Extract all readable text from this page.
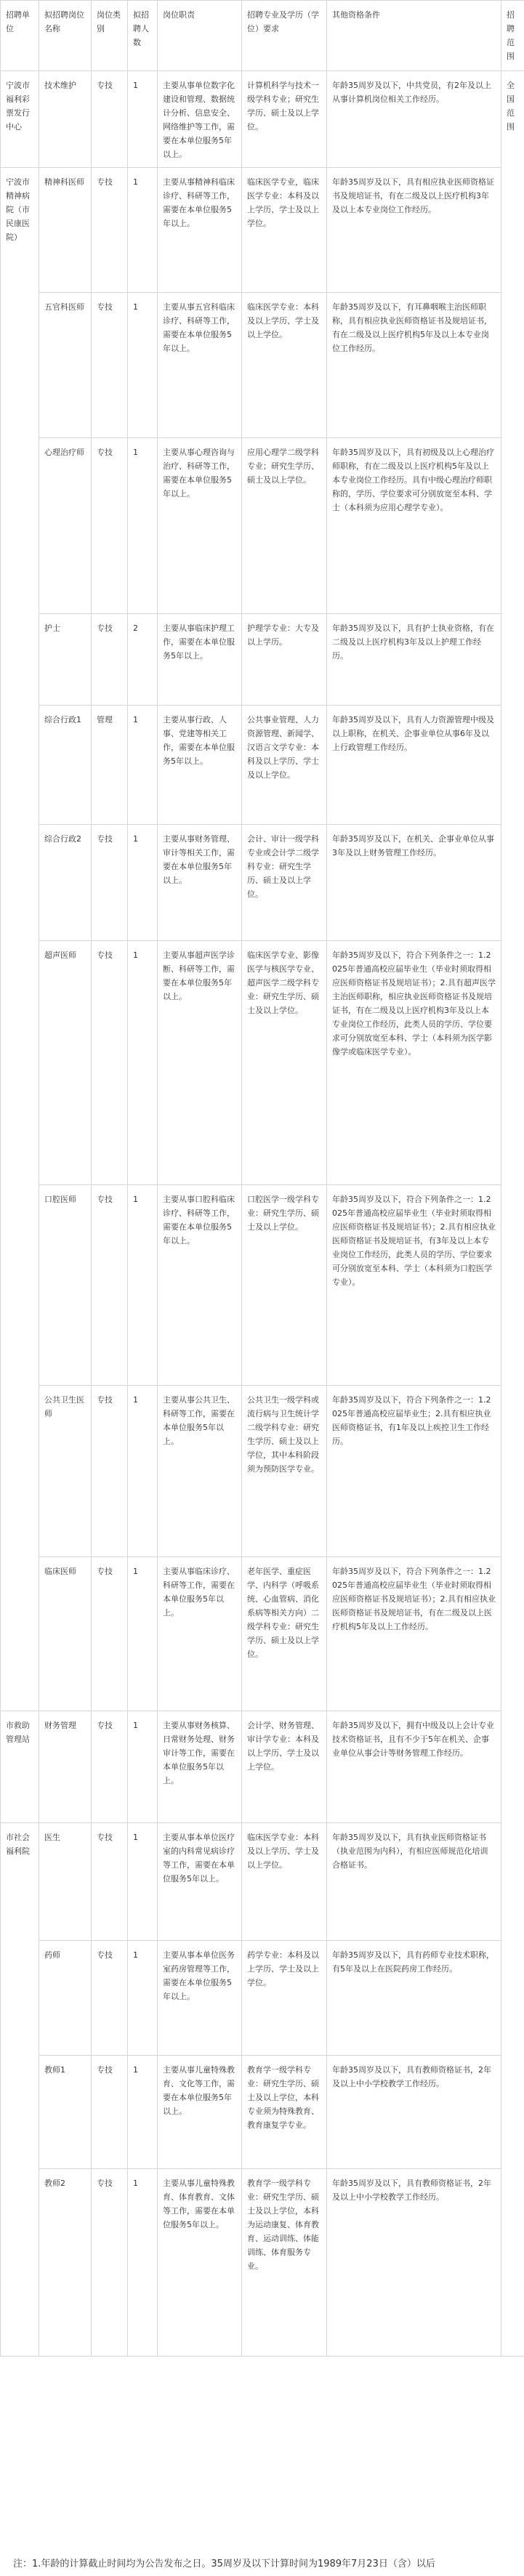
招聘单位	拟招聘岗位名称	岗位类别	拟招聘人数	岗位职责	招聘专业及学历（学位）要求	其他资格条件	招聘范围
宁波市福利彩票发行中心	技术维护	专技	1	主要从事单位数字化建设和管理、数据统计分析、信息安全、网络维护等工作，需要在本单位服务5年以上。	计算机科学与技术一级学科专业；研究生学历、硕士及以上学位。	年龄35周岁及以下，中共党员，有2年及以上从事计算机岗位相关工作经历。	全国范围
宁波市精神病院（市民康医院）	精神科医师	专技	1	主要从事精神科临床诊疗、科研等工作，需要在本单位服务5年以上。	临床医学专业，临床医学专业：本科及以上学历、学士及以上学位。	年龄35周岁及以下，具有相应执业医师资格证书及规培证书，有在二级及以上医疗机构3年及以上本专业岗位工作经历。	
	五官科医师	专技	1	主要从事五官科临床诊疗、科研等工作，需要在本单位服务5年以上。	临床医学专业：本科及以上学历、学士及以上学位。	年龄35周岁及以下，有耳鼻咽喉主治医师职称，具有相应执业医师资格证书及规培证书，有在二级及以上医疗机构5年及以上本专业岗位工作经历。	
	心理治疗师	专技	1	主要从事心理咨询与治疗、科研等工作，需要在本单位服务5年以上。	应用心理学二级学科专业；研究生学历、硕士及以上学位。	年龄35周岁及以下，具有初级及以上心理治疗师职称，有在二级及以上医疗机构5年及以上本专业岗位工作经历。具有中级心理治疗师职称的，学历、学位要求可分别放宽至本科、学士（本科须为应用心理学专业）。	
	护士	专技	2	主要从事临床护理工作，需要在本单位服务5年以上。	护理学专业：大专及以上学历。	年龄35周岁及以下，具有护士执业资格，有在二级及以上医疗机构3年及以上护理工作经历。	
	综合行政1	管理	1	主要从事行政、人事、党建等相关工作，需要在本单位服务5年以上。	公共事业管理、人力资源管理、新闻学、汉语言文学专业：本科及以上学历、学士及以上学位。	年龄35周岁及以下，具有人力资源管理中级及以上职称，在机关、企事业单位从事6年及以上行政管理工作经历。	
	综合行政2	专技	1	主要从事财务管理、审计等相关工作，需要在本单位服务5年以上。	会计、审计一级学科专业或会计学二级学科专业：研究生学历、硕士及以上学位。	年龄35周岁及以下，在机关、企事业单位从事3年及以上财务管理工作经历。	
	超声医师	专技	1	主要从事超声医学诊断、科研等工作，需要在本单位服务5年以上。	临床医学专业、影像医学与核医学专业、超声医学二级学科专业：研究生学历、硕士及以上学位。	年龄35周岁及以下，符合下列条件之一：1.2025年普通高校应届毕业生（毕业时须取得相应医师资格证书及规培证书）；2.具有超声医学主治医师职称，相应执业医师资格证书及规培证书，有在二级及以上医疗机构3年及以上本专业岗位工作经历，此类人员的学历、学位要求可分别放宽至本科、学士（本科须为医学影像学或临床医学专业）。	
	口腔医师	专技	1	主要从事口腔科临床诊疗、科研等工作，需要在本单位服务5年以上。	口腔医学一级学科专业：研究生学历、硕士及以上学位。	年龄35周岁及以下，符合下列条件之一：1.2025年普通高校应届毕业生（毕业时须取得相应医师资格证书及规培证书）；2.具有相应执业医师资格证书及规培证书，有3年及以上本专业岗位工作经历，此类人员的学历、学位要求可分别放宽至本科、学士（本科须为口腔医学专业）。	
	公共卫生医师	专技	1	主要从事公共卫生、科研等工作，需要在本单位服务5年以上。	公共卫生一级学科或流行病与卫生统计学二级学科专业：研究生学历、硕士及以上学位，其中本科阶段须为预防医学专业。	年龄35周岁及以下，符合下列条件之一：1.2025年普通高校应届毕业生；2.具有相应执业医师资格证书，有1年及以上疾控卫生工作经历。	
	临床医师	专技	1	主要从事临床诊疗、科研等工作，需要在本单位服务5年以上。	老年医学、重症医学、内科学（呼吸系统、心血管病、消化系病等相关方向）二级学科专业：研究生学历、硕士及以上学位。	年龄35周岁及以下，符合下列条件之一：1.2025年普通高校应届毕业生（毕业时须取得相应医师资格证书及规培证书）；2.具有相应执业医师资格证书及规培证书，有在二级及以上医疗机构5年及以上工作经历。	
市救助管理站	财务管理	专技	1	主要从事财务核算、日常财务处理、财务审计等工作，需要在本单位服务5年以上。	会计学、财务管理、审计学专业：本科及以上学历、学士及以上学位。	年龄35周岁及以下，拥有中级及以上会计专业技术资格证书，且有不少于5年在机关、企事业单位从事会计等财务管理工作经历。	
市社会福利院	医生	专技	1	主要从事本单位医疗室的内科常见病诊疗等工作，需要在本单位服务5年以上。	临床医学专业：本科及以上学历、学士及以上学位。	年龄35周岁及以下，具有执业医师资格证书（执业范围为内科），有相应医师规范化培训合格证书。	
	药师	专技	1	主要从事本单位医务室药房管理等工作，需要在本单位服务5年以上。	药学专业：本科及以上学历、学士及以上学位。	年龄35周岁及以下，具有药师专业技术职称，有5年及以上在医院药房工作经历。	
	教师1	专技	1	主要从事儿童特殊教育、文化等工作，需要在本单位服务5年以上。	教育学一级学科专业：研究生学历、硕士及以上学位，本科专业须为特殊教育、教育康复学专业。	年龄35周岁及以下，具有教师资格证书，2年及以上中小学校教学工作经历。	
	教师2	专技	1	主要从事儿童特殊教育、体育教育、文体等工作，需要在本单位服务5年以上。	教育学一级学科专业：研究生学历、硕士及以上学位，本科为运动康复、体育教育、运动训练、体能训练、体育服务专业。	年龄35周岁及以下，具有教师资格证书，2年及以上中小学校教学工作经历。	
注：1.年龄的计算截止时间均为公告发布之日。35周岁及以下计算时间为1989年7月23日（含）以后
